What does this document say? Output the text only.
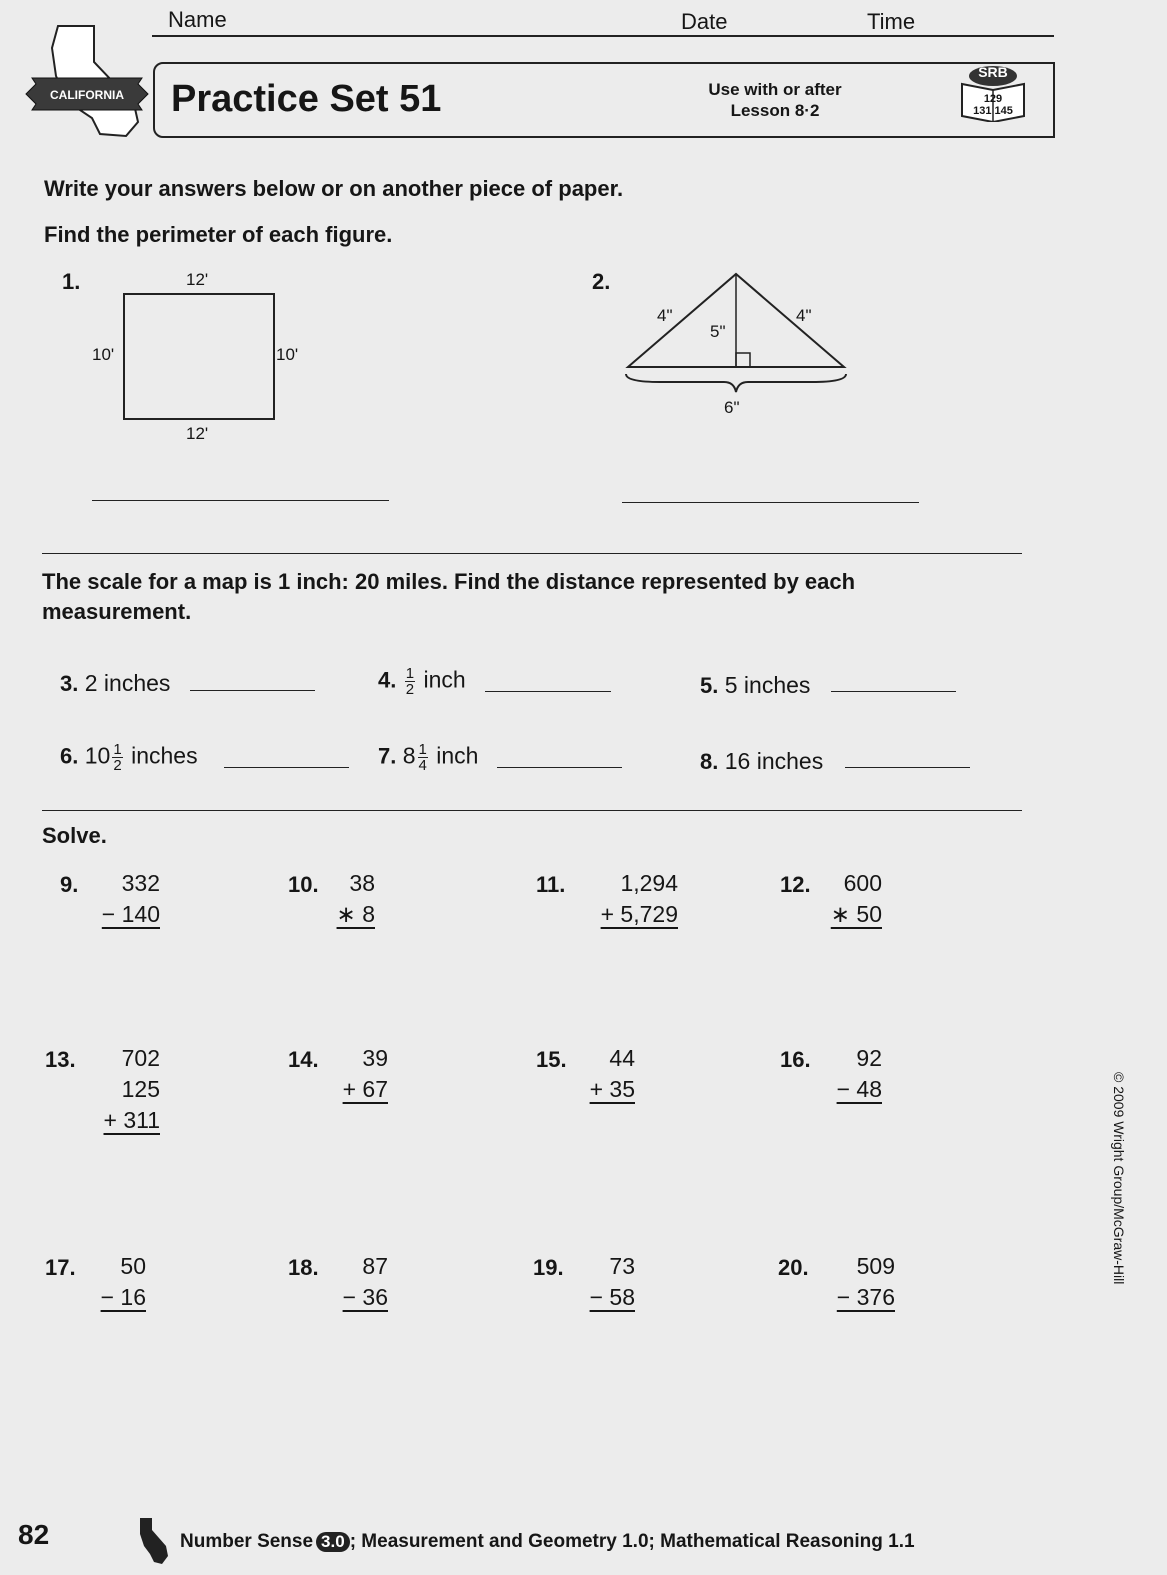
Name	Date	Time
CALIFORNIA Practice Set 51	Use with or after
Lesson 8·2
SRB
129
131 145
Write your answers below or on another piece of paper.
Find the perimeter of each figure.
1.	12'
12'
10'	10'
2.
4"	4"
5"
6"
The scale for a map is 1 inch: 20 miles. Find the distance represented by each
measurement.
3. 2 inches	4. $\frac{1}{2}$ inch	5. 5 inches
6. $10 \frac{1}{2}$ inches	7. $8 \frac{1}{4}$ inch	8. 16 inches
Solve.
9.	332
− 140
10.	38
∗ 8
11.	1,294
+ 5,729
12.	600
∗ 50
13.	702
125
+ 311
14.	39
+ 67
15.	44
+ 35
16.	92
− 48
17.	50
− 16
18.	87
− 36
19.	73
− 58
20.	509
− 376
© 2009 Wright Group/McGraw-Hill
82	Number Sense 3.0 ; Measurement and Geometry 1.0; Mathematical Reasoning 1.1
